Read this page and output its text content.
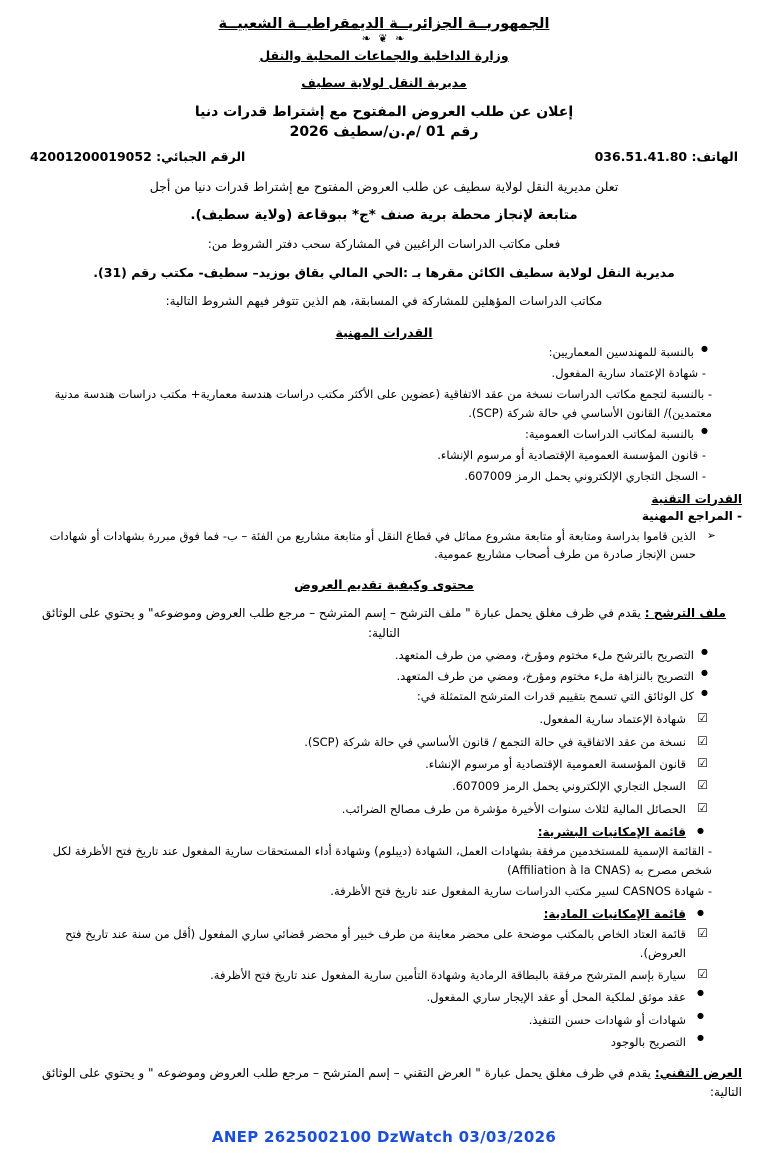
الجمهوريــة الجزائريــة الديمقراطيــة الشعبيــة
❧ ❦ ❧
وزارة الداخلية والجماعات المحلية والنقل
مديرية النقل لولاية سطيف
إعلان عن طلب العروض المفتوح مع إشتراط قدرات دنيا
رقم 01 /م.ن/سطيف 2026
الهاتف: 036.51.41.80
الرقم الجبائي: 42001200019052
تعلن مديرية النقل لولاية سطيف عن طلب العروض المفتوح مع إشتراط قدرات دنيا من أجل
متابعة لإنجاز محطة برية صنف *ج* ببوقاعة (ولاية سطيف).
فعلى مكاتب الدراسات الراغبين في المشاركة سحب دفتر الشروط من:
مديرية النقل لولاية سطيف الكائن مقرها بـ :الحي المالي بقاق بوزيد– سطيف- مكتب رقم (31).
مكاتب الدراسات المؤهلين للمشاركة في المسابقة، هم الذين تتوفر فيهم الشروط التالية:
القدرات المهنية
● بالنسبة للمهندسين المعماريين:
- شهادة الإعتماد سارية المفعول.
- بالنسبة لتجمع مكاتب الدراسات نسخة من عقد الاتفاقية (عضوين على الأكثر مكتب دراسات هندسة معمارية+ مكتب دراسات هندسة مدنية معتمدين)/ القانون الأساسي في حالة شركة (SCP).
● بالنسبة لمكاتب الدراسات العمومية:
- قانون المؤسسة العمومية الإقتصادية أو مرسوم الإنشاء.
- السجل التجاري الإلكتروني يحمل الرمز 607009.
القدرات التقنية
- المراجع المهنية
➢ الذين قاموا بدراسة ومتابعة أو متابعة مشروع مماثل في قطاع النقل أو متابعة مشاريع من الفئة – ب- فما فوق مبررة بشهادات أو شهادات حسن الإنجاز صادرة من طرف أصحاب مشاريع عمومية.
محتوى وكيفية تقديم العروض
ملف الترشح : يقدم في ظرف مغلق يحمل عبارة " ملف الترشح – إسم المترشح – مرجع طلب العروض وموضوعه" و يحتوي على الوثائق التالية:
● التصريح بالترشح ملء مختوم ومؤرخ، ومضي من طرف المتعهد.
● التصريح بالنزاهة ملء مختوم ومؤرخ، ومضي من طرف المتعهد.
● كل الوثائق التي تسمح بتقييم قدرات المترشح المتمثلة في:
☑ شهادة الإعتماد سارية المفعول.
☑ نسخة من عقد الاتفاقية في حالة التجمع / قانون الأساسي في حالة شركة (SCP).
☑ قانون المؤسسة العمومية الإقتصادية أو مرسوم الإنشاء.
☑ السجل التجاري الإلكتروني يحمل الرمز 607009.
☑ الحصائل المالية لثلاث سنوات الأخيرة مؤشرة من طرف مصالح الضرائب.
● قائمة الإمكانيات البشرية:
- القائمة الإسمية للمستخدمين مرفقة بشهادات العمل، الشهادة (ديبلوم) وشهادة أداء المستحقات سارية المفعول عند تاريخ فتح الأظرفة لكل شخص مصرح به (Affiliation à la CNAS)
- شهادة CASNOS لسير مكتب الدراسات سارية المفعول عند تاريخ فتح الأظرفة.
● قائمة الإمكانيات المادية:
☑ قائمة العتاد الخاص بالمكتب موضحة على محضر معاينة من طرف خبير أو محضر قضائي ساري المفعول (أقل من سنة عند تاريخ فتح العروض).
☑ سيارة بإسم المترشح مرفقة بالبطاقة الرمادية وشهادة التأمين سارية المفعول عند تاريخ فتح الأظرفة.
● عقد موثق لملكية المحل أو عقد الإيجار ساري المفعول.
● شهادات أو شهادات حسن التنفيذ.
● التصريح بالوجود
العرض التقني: يقدم في ظرف مغلق يحمل عبارة " العرض التقني – إسم المترشح – مرجع طلب العروض وموضوعه " و يحتوي على الوثائق التالية:
ANEP 2625002100 DzWatch 03/03/2026
